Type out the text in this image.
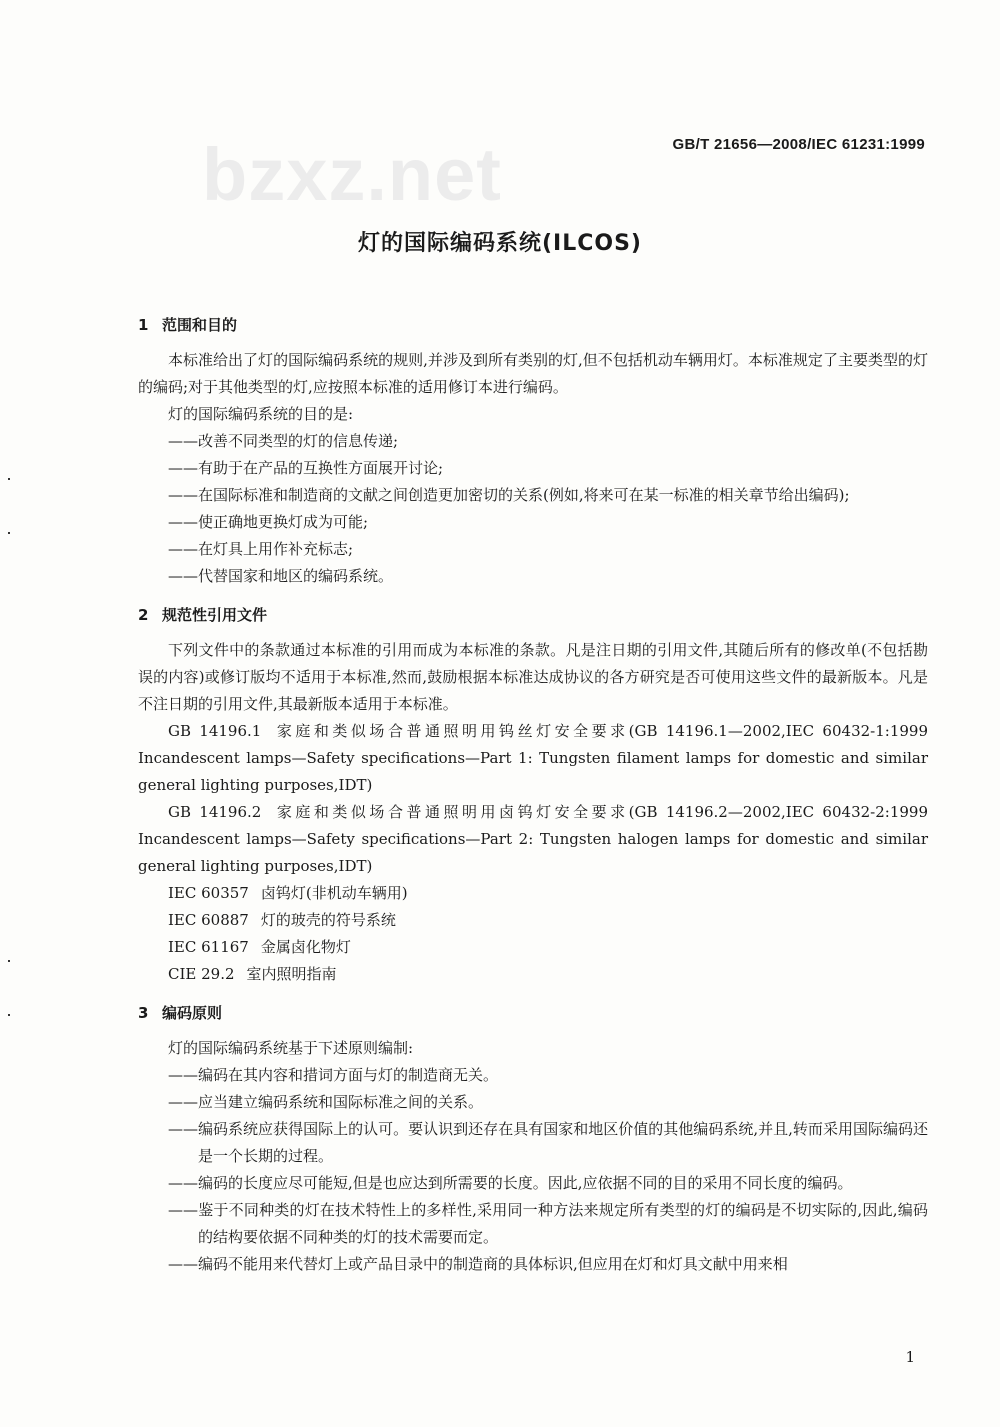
bzxz.net	GB/T 21656—2008/IEC 61231:1999
灯的国际编码系统(ILCOS)
1 范围和目的

本标准给出了灯的国际编码系统的规则,并涉及到所有类别的灯,但不包括机动车辆用灯。本标准规定了主要类型的灯的编码;对于其他类型的灯,应按照本标准的适用修订本进行编码。

灯的国际编码系统的目的是:

——改善不同类型的灯的信息传递;

——有助于在产品的互换性方面展开讨论;

——在国际标准和制造商的文献之间创造更加密切的关系(例如,将来可在某一标准的相关章节给出编码);

——使正确地更换灯成为可能;

——在灯具上用作补充标志;

——代替国家和地区的编码系统。

2 规范性引用文件

下列文件中的条款通过本标准的引用而成为本标准的条款。凡是注日期的引用文件,其随后所有的修改单(不包括勘误的内容)或修订版均不适用于本标准,然而,鼓励根据本标准达成协议的各方研究是否可使用这些文件的最新版本。凡是不注日期的引用文件,其最新版本适用于本标准。

GB 14196.1 家庭和类似场合普通照明用钨丝灯安全要求(GB 14196.1—2002,IEC 60432-1:1999 Incandescent lamps—Safety specifications—Part 1: Tungsten filament lamps for domestic and similar general lighting purposes,IDT)

GB 14196.2 家庭和类似场合普通照明用卤钨灯安全要求(GB 14196.2—2002,IEC 60432-2:1999 Incandescent lamps—Safety specifications—Part 2: Tungsten halogen lamps for domestic and similar general lighting purposes,IDT)

IEC 60357 卤钨灯(非机动车辆用)

IEC 60887 灯的玻壳的符号系统

IEC 61167 金属卤化物灯

CIE 29.2 室内照明指南

3 编码原则

灯的国际编码系统基于下述原则编制:

——编码在其内容和措词方面与灯的制造商无关。

——应当建立编码系统和国际标准之间的关系。

——编码系统应获得国际上的认可。要认识到还存在具有国家和地区价值的其他编码系统,并且,转而采用国际编码还是一个长期的过程。

——编码的长度应尽可能短,但是也应达到所需要的长度。因此,应依据不同的目的采用不同长度的编码。

——鉴于不同种类的灯在技术特性上的多样性,采用同一种方法来规定所有类型的灯的编码是不切实际的,因此,编码的结构要依据不同种类的灯的技术需要而定。

——编码不能用来代替灯上或产品目录中的制造商的具体标识,但应用在灯和灯具文献中用来相

1
